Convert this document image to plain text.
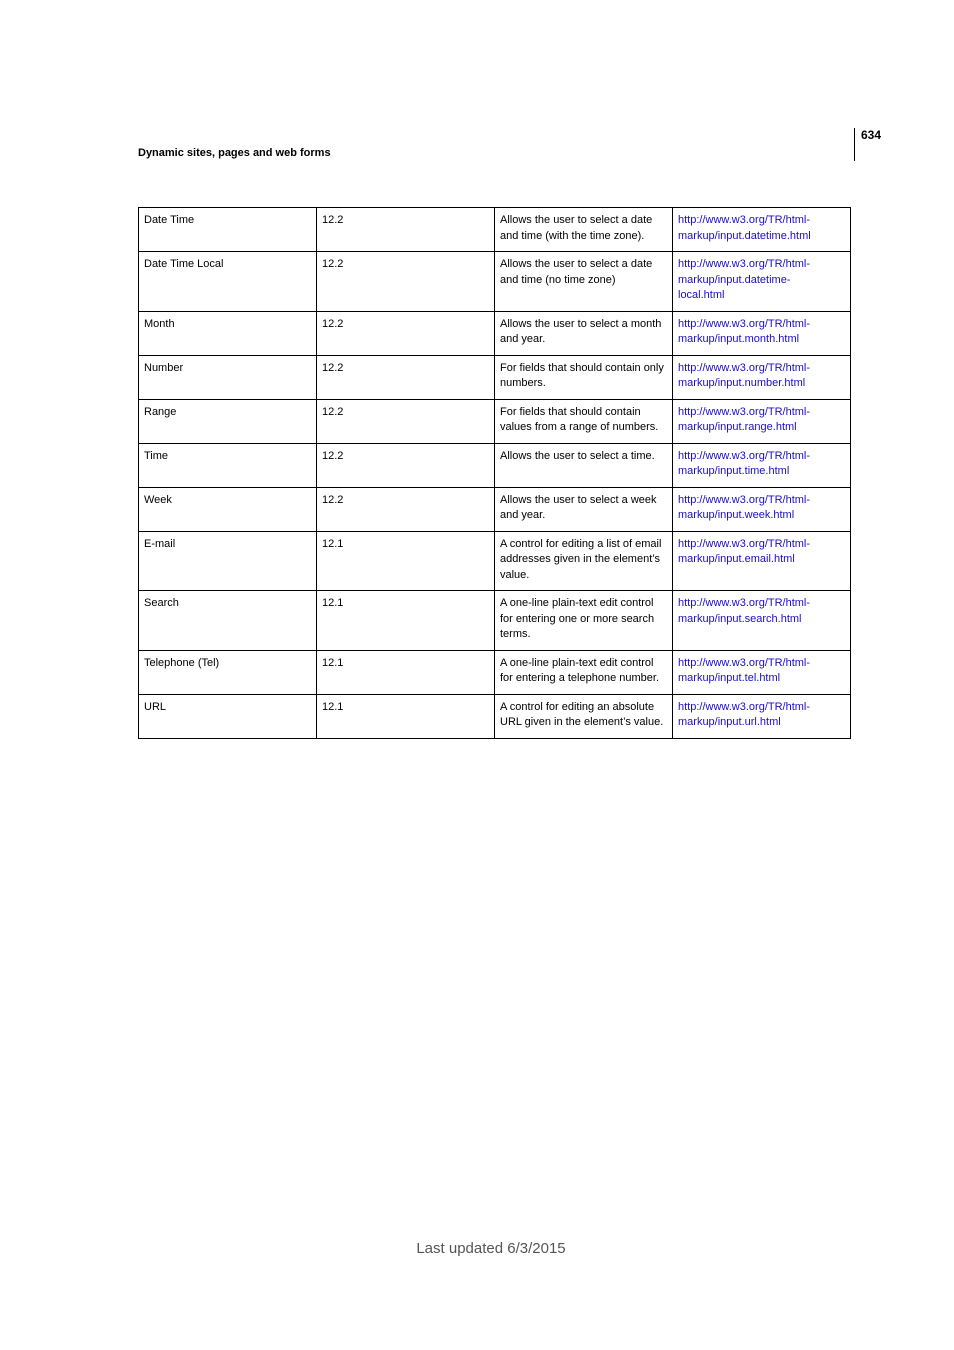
634
Dynamic sites, pages and web forms
Date Time	12.2	Allows the user to select a date and time (with the time zone).	http://www.w3.org/TR/html-
markup/input.datetime.html
Date Time Local	12.2	Allows the user to select a date and time (no time zone)	http://www.w3.org/TR/html-
markup/input.datetime-
local.html
Month	12.2	Allows the user to select a month and year.	http://www.w3.org/TR/html-
markup/input.month.html
Number	12.2	For fields that should contain only numbers.	http://www.w3.org/TR/html-
markup/input.number.html
Range	12.2	For fields that should contain values from a range of numbers.	http://www.w3.org/TR/html-
markup/input.range.html
Time	12.2	Allows the user to select a time.	http://www.w3.org/TR/html-
markup/input.time.html
Week	12.2	Allows the user to select a week and year.	http://www.w3.org/TR/html-
markup/input.week.html
E-mail	12.1	A control for editing a list of email addresses given in the element’s value.	http://www.w3.org/TR/html-
markup/input.email.html
Search	12.1	A one-line plain-text edit control for entering one or more search terms.	http://www.w3.org/TR/html-
markup/input.search.html
Telephone (Tel)	12.1	A one-line plain-text edit control for entering a telephone number.	http://www.w3.org/TR/html-
markup/input.tel.html
URL	12.1	A control for editing an absolute URL given in the element’s value.	http://www.w3.org/TR/html-
markup/input.url.html
Last updated 6/3/2015
